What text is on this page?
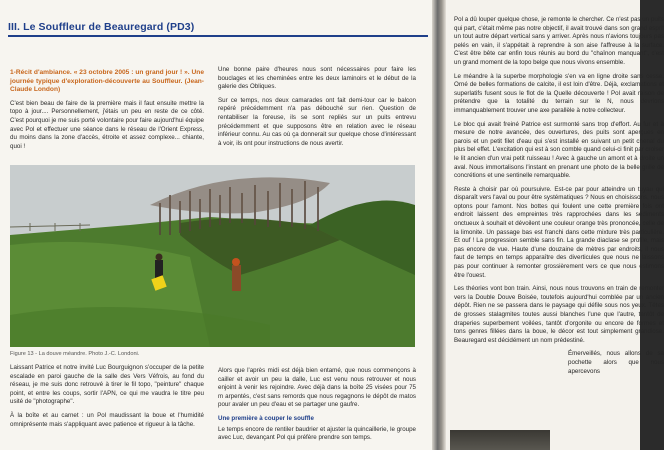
III. Le Souffleur de Beauregard (PD3)

1-Récit d'ambiance. « 23 octobre 2005 : un grand jour ! ». Une journée typique d'exploration-découverte au Souffleur. (Jean-Claude London)

C'est bien beau de faire de la première mais il faut ensuite mettre la topo à jour.... Personnellement, j'étais un peu en reste de ce côté. C'est pourquoi je me suis porté volontaire pour faire aujourd'hui équipe avec Pol et effectuer une séance dans le réseau de l'Orient Express, du moins dans la zone d'accès, étroite et assez complexe... chiante, quoi !

Une bonne paire d'heures nous sont nécessaires pour faire les bouclages et les cheminées entre les deux laminoirs et le début de la galerie des Obliques.

Sur ce temps, nos deux camarades ont fait demi-tour car le balcon repéré précédemment n'a pas débouché sur rien. Question de rentabiliser la foreuse, ils se sont repliés sur un puits entrevu précédemment et que supposons être en relation avec le réseau inférieur connu. Au cas où ça donnerait sur quelque chose d'intéressant à voir, ils ont pour instructions de nous avertir.

Figure 13 - La douve méandre. Photo J.-C. Londoni.

Laissant Patrice et notre invité Luc Bourguignon s'occuper de la petite escalade en paroi gauche de la salle des Vers Véfrois, au fond du réseau, je me suis donc retrouvé à tirer le fil topo, "peinture" chaque point, et entre les coups, sortir l'APN, ce qui me vaudra le titre peu usité de "photographe".

À la boîte et au carnet : un Pol maudissant la boue et l'humidité omniprésente mais s'appliquant avec patience et rigueur à la tâche.

Alors que l'après midi est déjà bien entamé, que nous commençons à cailler et avoir un peu la dalle, Luc est venu nous retrouver et nous enjoint à venir les rejoindre. Avec déjà dans la boîte 25 visées pour 75 m arpentés, c'est sans remords que nous regagnons le dépôt de matos pour avaler un peu d'eau et se partager une gaufre.

Une première à couper le souffle

Le temps encore de rentiler baudrier et ajuster la quincaillerie, le groupe avec Luc, devançant Pol qui préfère prendre son temps.

Pol a dû louper quelque chose, je remonte le chercher. Ce n'est pas un puits qui part, c'était même pas notre objectif, il avait trouvé dans son grand esprit un tout autre départ vertical sans y arriver. Après nous n'avions toujours pas pelés en vain, il s'appétait à reprendre à son aise l'affreuse à la surface. C'est être bête car enfin tous réunis au bord du "chaînon manquant", c'est un grand moment de la topo belge que nous vivons ensemble.

Le méandre à la superbe morphologie s'en va en ligne droite sans cesse. Orné de belles formations de calcite, il est loin d'être. Déjà, exclamations et superlatifs fusent sous le flot de la Quelle découverte ! Pol avait raison de prétendre que la totalité du terrain sur le N, nous devrions immanquablement trouver une axe parallèle à notre collecteur.

Le bloc qui avait freiné Patrice est surmonté sans trop d'effort. Au fur et à mesure de notre avancée, des ouvertures, des puits sont aperçues en parois et un petit filet d'eau qui s'est installé en suivant un petit chenal du plus bel effet. L'excitation qui est à son comble quand celui-ci finit par croiser le lit ancien d'un vrai petit ruisseau ! Avec à gauche un amont et à droite un aval. Nous immortalisons l'instant en prenant une photo de la belle grille de concrétions et une sentinelle remarquable.

Reste à choisir par où poursuivre. Est-ce par pour atteindre un tuyau qui disparaît vers l'aval ou pour être systématiques ? Nous en choisissons, nous optons pour l'amont. Nos bottes qui foulent une cette première fois ont endroit laissent des empreintes très rapprochées dans les sédiments onctueux à souhait et dévoilent une couleur orange très prononcée, celle de la limonite. Un passage bas est franchi dans cette mixture très particulière. Et ouf ! La progression semble sans fin. La grande diaclase se profile, mais pas encore de vue. Haute d'une douzaine de mètres par endroits, il nous faut de temps en temps apparaître des diverticules que nous ne laissons pas pour continuer à remonter grossièrement vers ce que nous estimons être l'ouest.

Les théories vont bon train. Ainsi, nous nous trouvons en train de remonter vers la Double Douve Boisée, toutefois aujourd'hui comblée par un ancien dépôt. Rien ne se passera dans le paysage qui défile sous nos yeux. Têtes de grosses stalagmites toutes aussi blanches l'une que l'autre, tantôt de draperies superbement voilées, tantôt d'orgonite ou encore de formes et tons genres fillées dans la boue, le décor est tout simplement grandiose. Beauregard est décidément un nom prédestiné.

Émerveillés, nous allons de sa pochette alors que nous apercevons
